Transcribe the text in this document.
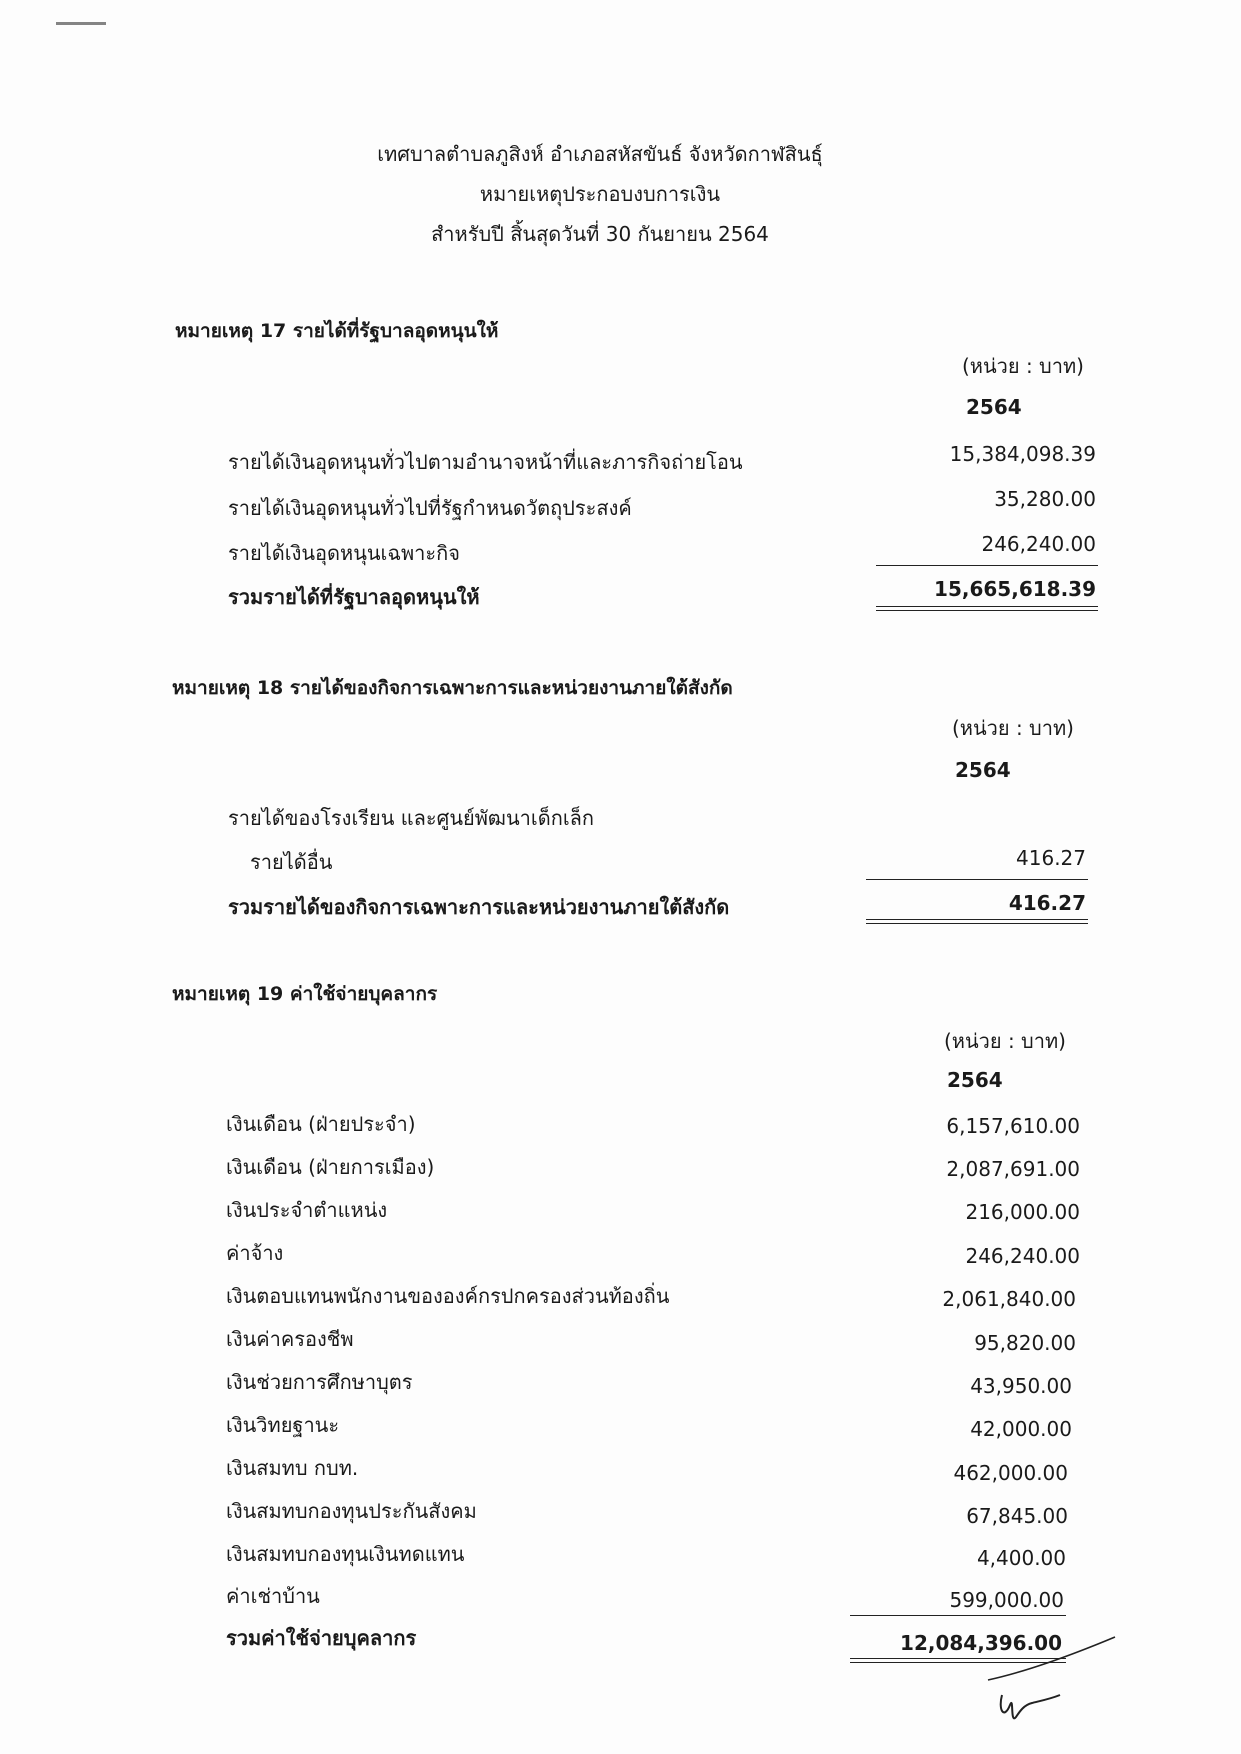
เทศบาลตำบลภูสิงห์ อำเภอสหัสขันธ์ จังหวัดกาฬสินธุ์
หมายเหตุประกอบงบการเงิน
สำหรับปี สิ้นสุดวันที่ 30 กันยายน 2564
หมายเหตุ 17 รายได้ที่รัฐบาลอุดหนุนให้
(หน่วย : บาท)
2564
รายได้เงินอุดหนุนทั่วไปตามอำนาจหน้าที่และภารกิจถ่ายโอน	15,384,098.39
รายได้เงินอุดหนุนทั่วไปที่รัฐกำหนดวัตถุประสงค์	35,280.00
รายได้เงินอุดหนุนเฉพาะกิจ	246,240.00
รวมรายได้ที่รัฐบาลอุดหนุนให้	15,665,618.39
หมายเหตุ 18 รายได้ของกิจการเฉพาะการและหน่วยงานภายใต้สังกัด
(หน่วย : บาท)
2564
รายได้ของโรงเรียน และศูนย์พัฒนาเด็กเล็ก
รายได้อื่น	416.27
รวมรายได้ของกิจการเฉพาะการและหน่วยงานภายใต้สังกัด	416.27
หมายเหตุ 19 ค่าใช้จ่ายบุคลากร
(หน่วย : บาท)
2564
เงินเดือน (ฝ่ายประจำ)	6,157,610.00
เงินเดือน (ฝ่ายการเมือง)	2,087,691.00
เงินประจำตำแหน่ง	216,000.00
ค่าจ้าง	246,240.00
เงินตอบแทนพนักงานขององค์กรปกครองส่วนท้องถิ่น	2,061,840.00
เงินค่าครองชีพ	95,820.00
เงินช่วยการศึกษาบุตร	43,950.00
เงินวิทยฐานะ	42,000.00
เงินสมทบ กบท.	462,000.00
เงินสมทบกองทุนประกันสังคม	67,845.00
เงินสมทบกองทุนเงินทดแทน	4,400.00
ค่าเช่าบ้าน	599,000.00
รวมค่าใช้จ่ายบุคลากร	12,084,396.00
